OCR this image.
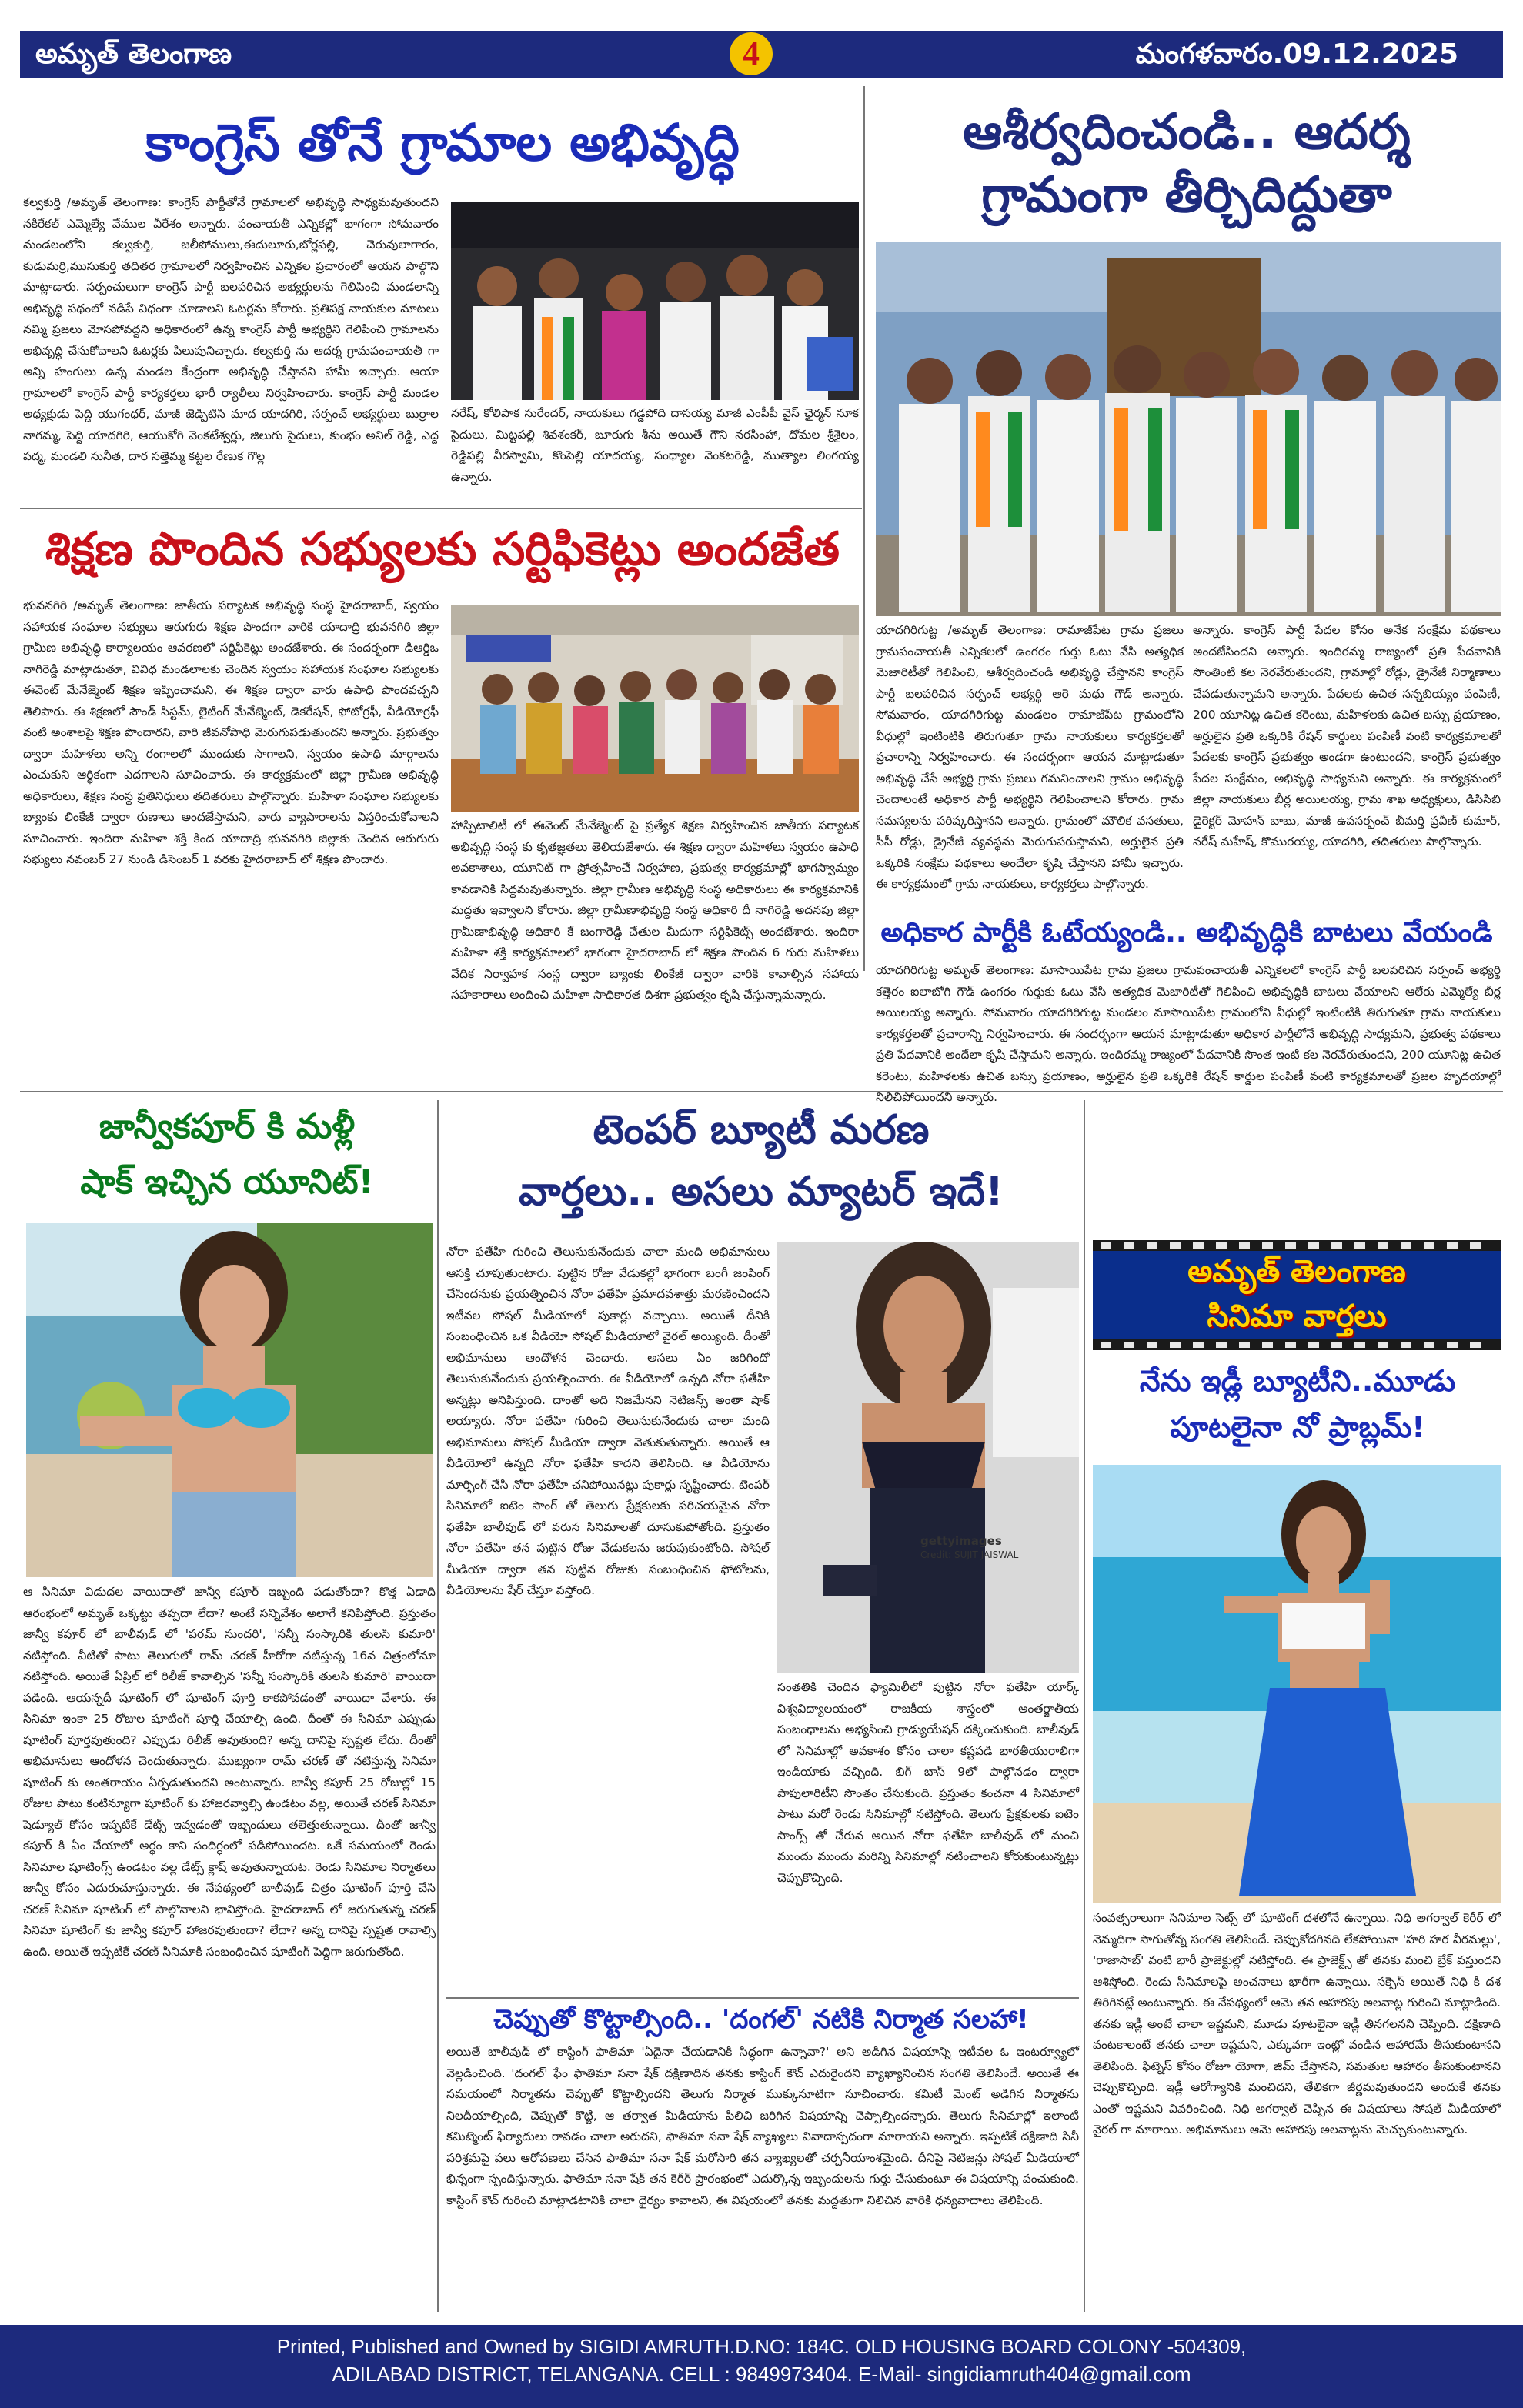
అమృత్ తెలంగాణ	మంగళవారం.09.12.2025
4
కాంగ్రెస్ తోనే గ్రామాల అభివృద్ధి
కల్వకుర్తి /అమృత్ తెలంగాణ: కాంగ్రెస్ పార్టీతోనే గ్రామాలలో అభివృద్ధి సాధ్యమవుతుందని నకిరేకల్ ఎమ్మెల్యే వేముల వీరేశం అన్నారు. పంచాయతీ ఎన్నికల్లో భాగంగా సోమవారం మండలంలోని కల్వకుర్తి, జలీపోములు,ఈదులూరు,బోర్లపల్లి, చెరువులాగారం, కుడుమర్రి,ముసుకుర్తి తదితర గ్రామాలలో నిర్వహించిన ఎన్నికల ప్రచారంలో ఆయన పాల్గొని మాట్లాడారు. సర్పంచులుగా కాంగ్రెస్ పార్టీ బలపరిచిన అభ్యర్థులను గెలిపించి మండలాన్ని అభివృద్ధి పథంలో నడిపే విధంగా చూడాలని ఓటర్లను కోరారు. ప్రతిపక్ష నాయకుల మాటలు నమ్మి ప్రజలు మోసపోవద్దని అధికారంలో ఉన్న కాంగ్రెస్ పార్టీ అభ్యర్థిని గెలిపించి గ్రామాలను అభివృద్ధి చేసుకోవాలని ఓటర్లకు పిలుపునిచ్చారు. కల్వకుర్తి ను ఆదర్శ గ్రామపంచాయతీ గా అన్ని హంగులు ఉన్న మండల కేంద్రంగా అభివృద్ధి చేస్తానని హామీ ఇచ్చారు. ఆయా గ్రామాలలో కాంగ్రెస్ పార్టీ కార్యకర్తలు భారీ ర్యాలీలు నిర్వహించారు. కాంగ్రెస్ పార్టీ మండల అధ్యక్షుడు పెద్ది యుగంధర్, మాజీ జెడ్పిటిసి మాద యాదగిరి, సర్పంచ్ అభ్యర్థులు బుర్రాల నాగమ్మ, పెద్ది యాదగిరి, ఆయుకోగి వెంకటేశ్వర్లు, జిలుగు సైదులు, కుంభం అనిల్ రెడ్డి, ఎద్ద పద్మ, మండలి సునీత, దార సత్తెమ్మ కట్టల రేణుక గొల్ల
నరేష్, కోలిపాక సురేందర్, నాయకులు గడ్డపోది దాసయ్య మాజీ ఎంపీపీ వైస్ ఛైర్మన్ నూక సైదులు, మిట్టపల్లి శివశంకర్, బూరుగు శీను అయితే గౌని నరసింహా, దోమల శ్రీశైలం, రెడ్డిపల్లి వీరస్వామి, కొంపెల్లి యాదయ్య, సంధ్యాల వెంకటరెడ్డి, ముత్యాల లింగయ్య ఉన్నారు.
ఆశీర్వదించండి.. ఆదర్శ
గ్రామంగా తీర్చిదిద్దుతా
యాదగిరిగుట్ట /అమృత్ తెలంగాణ: రామాజీపేట గ్రామ ప్రజలు గ్రామపంచాయతీ ఎన్నికలలో ఉంగరం గుర్తు ఓటు వేసి అత్యధిక మెజారిటీతో గెలిపించి, ఆశీర్వదించండి అభివృద్ధి చేస్తానని కాంగ్రెస్ పార్టీ బలపరిచిన సర్పంచ్ అభ్యర్థి ఆరె మధు గౌడ్ అన్నారు. సోమవారం, యాదగిరిగుట్ట మండలం రామాజీపేట గ్రామంలోని వీధుల్లో ఇంటింటికి తిరుగుతూ గ్రామ నాయకులు కార్యకర్తలతో ప్రచారాన్ని నిర్వహించారు. ఈ సందర్భంగా ఆయన మాట్లాడుతూ అభివృద్ధి చేసే అభ్యర్థి గ్రామ ప్రజలు గమనించాలని గ్రామం అభివృద్ధి చెందాలంటే అధికార పార్టీ అభ్యర్థిని గెలిపించాలని కోరారు. గ్రామ సమస్యలను పరిష్కరిస్తానని అన్నారు. గ్రామంలో మౌలిక వసతులు, సీసీ రోడ్లు, డ్రైనేజీ వ్యవస్థను మెరుగుపరుస్తామని, అర్హులైన ప్రతి ఒక్కరికి సంక్షేమ పథకాలు అందేలా కృషి చేస్తానని హామీ ఇచ్చారు. ఈ కార్యక్రమంలో గ్రామ నాయకులు, కార్యకర్తలు పాల్గొన్నారు.
అన్నారు. కాంగ్రెస్ పార్టీ పేదల కోసం అనేక సంక్షేమ పథకాలు అందజేసిందని అన్నారు. ఇందిరమ్మ రాజ్యంలో ప్రతి పేదవానికి సొంతింటి కల నెరవేరుతుందని, గ్రామాల్లో రోడ్లు, డ్రైనేజీ నిర్మాణాలు చేపడుతున్నామని అన్నారు. పేదలకు ఉచిత సన్నబియ్యం పంపిణీ, 200 యూనిట్ల ఉచిత కరెంటు, మహిళలకు ఉచిత బస్సు ప్రయాణం, అర్హులైన ప్రతి ఒక్కరికి రేషన్ కార్డులు పంపిణీ వంటి కార్యక్రమాలతో పేదలకు కాంగ్రెస్ ప్రభుత్వం అండగా ఉంటుందని, కాంగ్రెస్ ప్రభుత్వం పేదల సంక్షేమం, అభివృద్ధి సాధ్యమని అన్నారు. ఈ కార్యక్రమంలో జిల్లా నాయకులు బీర్ల అయిలయ్య, గ్రామ శాఖ అధ్యక్షులు, డిసిసిబి డైరెక్టర్ మోహన్ బాబు, మాజీ ఉపసర్పంచ్ బీమర్తి ప్రవీణ్ కుమార్, నరేష్ మహేష్, కొమురయ్య, యాదగిరి, తదితరులు పాల్గొన్నారు.
అధికార పార్టీకి ఓటేయ్యండి.. అభివృద్ధికి బాటలు వేయండి
యాదగిరిగుట్ట అమృత్ తెలంగాణ: మాసాయిపేట గ్రామ ప్రజలు గ్రామపంచాయతీ ఎన్నికలలో కాంగ్రెస్ పార్టీ బలపరిచిన సర్పంచ్ అభ్యర్థి కత్తెరం ఐలాబోగి గౌడ్ ఉంగరం గుర్తుకు ఓటు వేసి అత్యధిక మెజారిటీతో గెలిపించి అభివృద్ధికి బాటలు వేయాలని ఆలేరు ఎమ్మెల్యే బీర్ల అయిలయ్య అన్నారు. సోమవారం యాదగిరిగుట్ట మండలం మాసాయిపేట గ్రామంలోని వీధుల్లో ఇంటింటికి తిరుగుతూ గ్రామ నాయకులు కార్యకర్తలతో ప్రచారాన్ని నిర్వహించారు. ఈ సందర్భంగా ఆయన మాట్లాడుతూ అధికార పార్టీలోనే అభివృద్ధి సాధ్యమని, ప్రభుత్వ పథకాలు ప్రతి పేదవానికి అందేలా కృషి చేస్తామని అన్నారు. ఇందిరమ్మ రాజ్యంలో పేదవానికి సొంత ఇంటి కల నెరవేరుతుందని, 200 యూనిట్ల ఉచిత కరెంటు, మహిళలకు ఉచిత బస్సు ప్రయాణం, అర్హులైన ప్రతి ఒక్కరికి రేషన్ కార్డుల పంపిణీ వంటి కార్యక్రమాలతో ప్రజల హృదయాల్లో నిలిచిపోయిందని అన్నారు.
శిక్షణ పొందిన సభ్యులకు సర్టిఫికెట్లు అందజేత
భువనగిరి /అమృత్ తెలంగాణ: జాతీయ పర్యాటక అభివృద్ధి సంస్థ హైదరాబాద్, స్వయం సహాయక సంఘాల సభ్యులు ఆరుగురు శిక్షణ పొందగా వారికి యాదాద్రి భువనగిరి జిల్లా గ్రామీణ అభివృద్ధి కార్యాలయం ఆవరణలో సర్టిఫికెట్లు అందజేశారు. ఈ సందర్భంగా డిఆర్డిఒ నాగిరెడ్డి మాట్లాడుతూ, వివిధ మండలాలకు చెందిన స్వయం సహాయక సంఘాల సభ్యులకు ఈవెంట్ మేనేజ్మెంట్ శిక్షణ ఇప్పించామని, ఈ శిక్షణ ద్వారా వారు ఉపాధి పొందవచ్చని తెలిపారు. ఈ శిక్షణలో సౌండ్ సిస్టమ్, లైటింగ్ మేనేజ్మెంట్, డెకరేషన్, ఫోటోగ్రఫీ, వీడియోగ్రఫీ వంటి అంశాలపై శిక్షణ పొందారని, వారి జీవనోపాధి మెరుగుపడుతుందని అన్నారు. ప్రభుత్వం ద్వారా మహిళలు అన్ని రంగాలలో ముందుకు సాగాలని, స్వయం ఉపాధి మార్గాలను ఎంచుకుని ఆర్థికంగా ఎదగాలని సూచించారు. ఈ కార్యక్రమంలో జిల్లా గ్రామీణ అభివృద్ధి అధికారులు, శిక్షణ సంస్థ ప్రతినిధులు తదితరులు పాల్గొన్నారు. మహిళా సంఘాల సభ్యులకు బ్యాంకు లింకేజీ ద్వారా రుణాలు అందజేస్తామని, వారు వ్యాపారాలను విస్తరించుకోవాలని సూచించారు. ఇందిరా మహిళా శక్తి కింద యాదాద్రి భువనగిరి జిల్లాకు చెందిన ఆరుగురు సభ్యులు నవంబర్ 27 నుండి డిసెంబర్ 1 వరకు హైదరాబాద్ లో శిక్షణ పొందారు.
హాస్పిటాలిటీ లో ఈవెంట్ మేనేజ్మెంట్ పై ప్రత్యేక శిక్షణ నిర్వహించిన జాతీయ పర్యాటక అభివృద్ధి సంస్థ కు కృతజ్ఞతలు తెలియజేశారు. ఈ శిక్షణ ద్వారా మహిళలు స్వయం ఉపాధి అవకాశాలు, యూనిట్ గా ప్రోత్సహించే నిర్వహణ, ప్రభుత్వ కార్యక్రమాల్లో భాగస్వామ్యం కావడానికి సిద్ధమవుతున్నారు. జిల్లా గ్రామీణ అభివృద్ధి సంస్థ అధికారులు ఈ కార్యక్రమానికి మద్దతు ఇవ్వాలని కోరారు. జిల్లా గ్రామీణాభివృద్ధి సంస్థ అధికారి దీ నాగిరెడ్డి అదనపు జిల్లా గ్రామీణాభివృద్ధి అధికారి కే జంగారెడ్డి చేతుల మీదుగా సర్టిఫికెట్స్ అందజేశారు. ఇందిరా మహిళా శక్తి కార్యక్రమాలలో భాగంగా హైదరాబాద్ లో శిక్షణ పొందిన 6 గురు మహిళలు వేదిక నిర్వాహక సంస్థ ద్వారా బ్యాంకు లింకేజీ ద్వారా వారికి కావాల్సిన సహాయ సహకారాలు అందించి మహిళా సాధికారత దిశగా ప్రభుత్వం కృషి చేస్తున్నామన్నారు.
జాన్వీకపూర్ కి మళ్లీ
షాక్ ఇచ్చిన యూనిట్!
ఆ సినిమా విడుదల వాయిదాతో జాన్వీ కపూర్ ఇబ్బంది పడుతోందా? కొత్త ఏడాది ఆరంభంలో అమృత్ ఒక్కట్టు తప్పదా లేదా? అంటే సన్నివేశం అలాగే కనిపిస్తోంది. ప్రస్తుతం జాన్వీ కపూర్ లో బాలీవుడ్ లో 'పరమ్ సుందరి', 'సన్నీ సంస్కారికి తులసి కుమారి' నటిస్తోంది. వీటితో పాటు తెలుగులో రామ్ చరణ్ హీరోగా నటిస్తున్న 16వ చిత్రంలోనూ నటిస్తోంది. అయితే ఏప్రిల్ లో రిలీజ్ కావాల్సిన 'సన్నీ సంస్కారికి తులసి కుమారి' వాయిదా పడింది. ఆయన్నదీ షూటింగ్ లో షూటింగ్ పూర్తి కాకపోవడంతో వాయిదా వేశారు. ఈ సినిమా ఇంకా 25 రోజుల షూటింగ్ పూర్తి చేయాల్సి ఉంది. దీంతో ఈ సినిమా ఎప్పుడు షూటింగ్ పూర్తవుతుంది? ఎప్పుడు రిలీజ్ అవుతుంది? అన్న దానిపై స్పష్టత లేదు. దీంతో అభిమానులు ఆందోళన చెందుతున్నారు. ముఖ్యంగా రామ్ చరణ్ తో నటిస్తున్న సినిమా షూటింగ్ కు అంతరాయం ఏర్పడుతుందని అంటున్నారు. జాన్వీ కపూర్ 25 రోజుల్లో 15 రోజుల పాటు కంటిన్యూగా షూటింగ్ కు హాజరవ్వాల్సి ఉండటం వల్ల, అయితే చరణ్ సినిమా షెడ్యూల్ కోసం ఇప్పటికే డేట్స్ ఇవ్వడంతో ఇబ్బందులు తలెత్తుతున్నాయి. దీంతో జాన్వీ కపూర్ కి ఏం చేయాలో అర్థం కాని సందిగ్ధంలో పడిపోయిందట. ఒకే సమయంలో రెండు సినిమాల షూటింగ్స్ ఉండటం వల్ల డేట్స్ క్లాష్ అవుతున్నాయట. రెండు సినిమాల నిర్మాతలు జాన్వీ కోసం ఎదురుచూస్తున్నారు. ఈ నేపథ్యంలో బాలీవుడ్ చిత్రం షూటింగ్ పూర్తి చేసి చరణ్ సినిమా షూటింగ్ లో పాల్గొనాలని భావిస్తోంది. హైదరాబాద్ లో జరుగుతున్న చరణ్ సినిమా షూటింగ్ కు జాన్వీ కపూర్ హాజరవుతుందా? లేదా? అన్న దానిపై స్పష్టత రావాల్సి ఉంది. అయితే ఇప్పటికే చరణ్ సినిమాకి సంబంధించిన షూటింగ్ పెద్దిగా జరుగుతోంది.
టెంపర్ బ్యూటీ మరణ
వార్తలు.. అసలు మ్యాటర్ ఇదే!
నోరా ఫతేహి గురించి తెలుసుకునేందుకు చాలా మంది అభిమానులు ఆసక్తి చూపుతుంటారు. పుట్టిన రోజు వేడుకల్లో భాగంగా బంగీ జంపింగ్ చేసిందనుకు ప్రయత్నించిన నోరా ఫతేహి ప్రమాదవశాత్తు మరణించిందని ఇటీవల సోషల్ మీడియాలో పుకార్లు వచ్చాయి. అయితే దీనికి సంబంధించిన ఒక వీడియో సోషల్ మీడియాలో వైరల్ అయ్యింది. దీంతో అభిమానులు ఆందోళన చెందారు. అసలు ఏం జరిగిందో తెలుసుకునేందుకు ప్రయత్నించారు. ఈ వీడియోలో ఉన్నది నోరా ఫతేహి అన్నట్లు అనిపిస్తుంది. దాంతో అది నిజమేనని నెటిజన్స్ అంతా షాక్ అయ్యారు. నోరా ఫతేహి గురించి తెలుసుకునేందుకు చాలా మంది అభిమానులు సోషల్ మీడియా ద్వారా వెతుకుతున్నారు. అయితే ఆ వీడియోలో ఉన్నది నోరా ఫతేహి కాదని తెలిసింది. ఆ వీడియోను మార్ఫింగ్ చేసి నోరా ఫతేహి చనిపోయినట్లు పుకార్లు సృష్టించారు. టెంపర్ సినిమాలో ఐటెం సాంగ్ తో తెలుగు ప్రేక్షకులకు పరిచయమైన నోరా ఫతేహి బాలీవుడ్ లో వరుస సినిమాలతో దూసుకుపోతోంది. ప్రస్తుతం నోరా ఫతేహి తన పుట్టిన రోజు వేడుకలను జరుపుకుంటోంది. సోషల్ మీడియా ద్వారా తన పుట్టిన రోజుకు సంబంధించిన ఫోటోలను, వీడియోలను షేర్ చేస్తూ వస్తోంది.
gettyimages
Credit: SUJIT JAISWAL
సంతతికి చెందిన ఫ్యామిలీలో పుట్టిన నోరా ఫతేహి యార్క్ విశ్వవిద్యాలయంలో రాజకీయ శాస్త్రంలో అంతర్జాతీయ సంబంధాలను అభ్యసించి గ్రాడ్యుయేషన్ దక్కించుకుంది. బాలీవుడ్ లో సినిమాల్లో అవకాశం కోసం చాలా కష్టపడి భారతీయురాలిగా ఇండియాకు వచ్చింది. బిగ్ బాస్ 9లో పాల్గొనడం ద్వారా పాపులారిటీని సొంతం చేసుకుంది. ప్రస్తుతం కంచనా 4 సినిమాలో పాటు మరో రెండు సినిమాల్లో నటిస్తోంది. తెలుగు ప్రేక్షకులకు ఐటెం సాంగ్స్ తో చేరువ అయిన నోరా ఫతేహి బాలీవుడ్ లో మంచి ముందు ముందు మరిన్ని సినిమాల్లో నటించాలని కోరుకుంటున్నట్లు చెప్పుకొచ్చింది.
చెప్పుతో కొట్టాల్సింది.. 'దంగల్' నటికి నిర్మాత సలహా!
అయితే బాలీవుడ్ లో కాస్టింగ్ ఫాతిమా 'ఏదైనా చేయడానికి సిద్ధంగా ఉన్నావా?' అని అడిగిన విషయాన్ని ఇటీవల ఓ ఇంటర్వ్యూలో వెల్లడించింది. 'దంగల్' ఫేం ఫాతిమా సనా షేక్ దక్షిణాదిన తనకు కాస్టింగ్ కౌచ్ ఎదురైందని వ్యాఖ్యానించిన సంగతి తెలిసిందే. అయితే ఈ సమయంలో నిర్మాతను చెప్పుతో కొట్టాల్సిందని తెలుగు నిర్మాత ముక్కుసూటిగా సూచించారు. కమిటీ మెంట్ అడిగిన నిర్మాతను నిలదీయాల్సింది, చెప్పుతో కొట్టి, ఆ తర్వాత మీడియాను పిలిచి జరిగిన విషయాన్ని చెప్పాల్సిందన్నారు. తెలుగు సినిమాల్లో ఇలాంటి కమిట్మెంట్ ఫిర్యాదులు రావడం చాలా అరుదని, ఫాతిమా సనా షేక్ వ్యాఖ్యలు వివాదాస్పదంగా మారాయని అన్నారు. ఇప్పటికే దక్షిణాది సినీ పరిశ్రమపై పలు ఆరోపణలు చేసిన ఫాతిమా సనా షేక్ మరోసారి తన వ్యాఖ్యలతో చర్చనీయాంశమైంది. దీనిపై నెటిజన్లు సోషల్ మీడియాలో భిన్నంగా స్పందిస్తున్నారు. ఫాతిమా సనా షేక్ తన కెరీర్ ప్రారంభంలో ఎదుర్కొన్న ఇబ్బందులను గుర్తు చేసుకుంటూ ఈ విషయాన్ని పంచుకుంది. కాస్టింగ్ కౌచ్ గురించి మాట్లాడటానికి చాలా ధైర్యం కావాలని, ఈ విషయంలో తనకు మద్దతుగా నిలిచిన వారికి ధన్యవాదాలు తెలిపింది.
అమృత్ తెలంగాణ
సినిమా వార్తలు
నేను ఇడ్లీ బ్యూటీని..మూడు
పూటలైనా నో ప్రాబ్లమ్!
సంవత్సరాలుగా సినిమాల సెట్స్ లో షూటింగ్ దశలోనే ఉన్నాయి. నిధి అగర్వాల్ కెరీర్ లో నెమ్మదిగా సాగుతోన్న సంగతి తెలిసిందే. చెప్పుకోదగినది లేకపోయినా 'హరి హర వీరమల్లు', 'రాజాసాబ్' వంటి భారీ ప్రాజెక్టుల్లో నటిస్తోంది. ఈ ప్రాజెక్ట్స్ తో తనకు మంచి బ్రేక్ వస్తుందని ఆశిస్తోంది. రెండు సినిమాలపై అంచనాలు భారీగా ఉన్నాయి. సక్సెస్ అయితే నిధి కి దశ తిరిగినట్లే అంటున్నారు. ఈ నేపథ్యంలో ఆమె తన ఆహారపు అలవాట్ల గురించి మాట్లాడింది. తనకు ఇడ్లీ అంటే చాలా ఇష్టమని, మూడు పూటలైనా ఇడ్లీ తినగలనని చెప్పింది. దక్షిణాది వంటకాలంటే తనకు చాలా ఇష్టమని, ఎక్కువగా ఇంట్లో వండిన ఆహారమే తీసుకుంటానని తెలిపింది. ఫిట్నెస్ కోసం రోజూ యోగా, జిమ్ చేస్తానని, సమతుల ఆహారం తీసుకుంటానని చెప్పుకొచ్చింది. ఇడ్లీ ఆరోగ్యానికి మంచిదని, తేలికగా జీర్ణమవుతుందని అందుకే తనకు ఎంతో ఇష్టమని వివరించింది. నిధి అగర్వాల్ చెప్పిన ఈ విషయాలు సోషల్ మీడియాలో వైరల్ గా మారాయి. అభిమానులు ఆమె ఆహారపు అలవాట్లను మెచ్చుకుంటున్నారు.
Printed, Published and Owned by SIGIDI AMRUTH.D.NO: 184C. OLD HOUSING BOARD COLONY -504309,
ADILABAD DISTRICT, TELANGANA. CELL : 9849973404. E-Mail- singidiamruth404@gmail.com
